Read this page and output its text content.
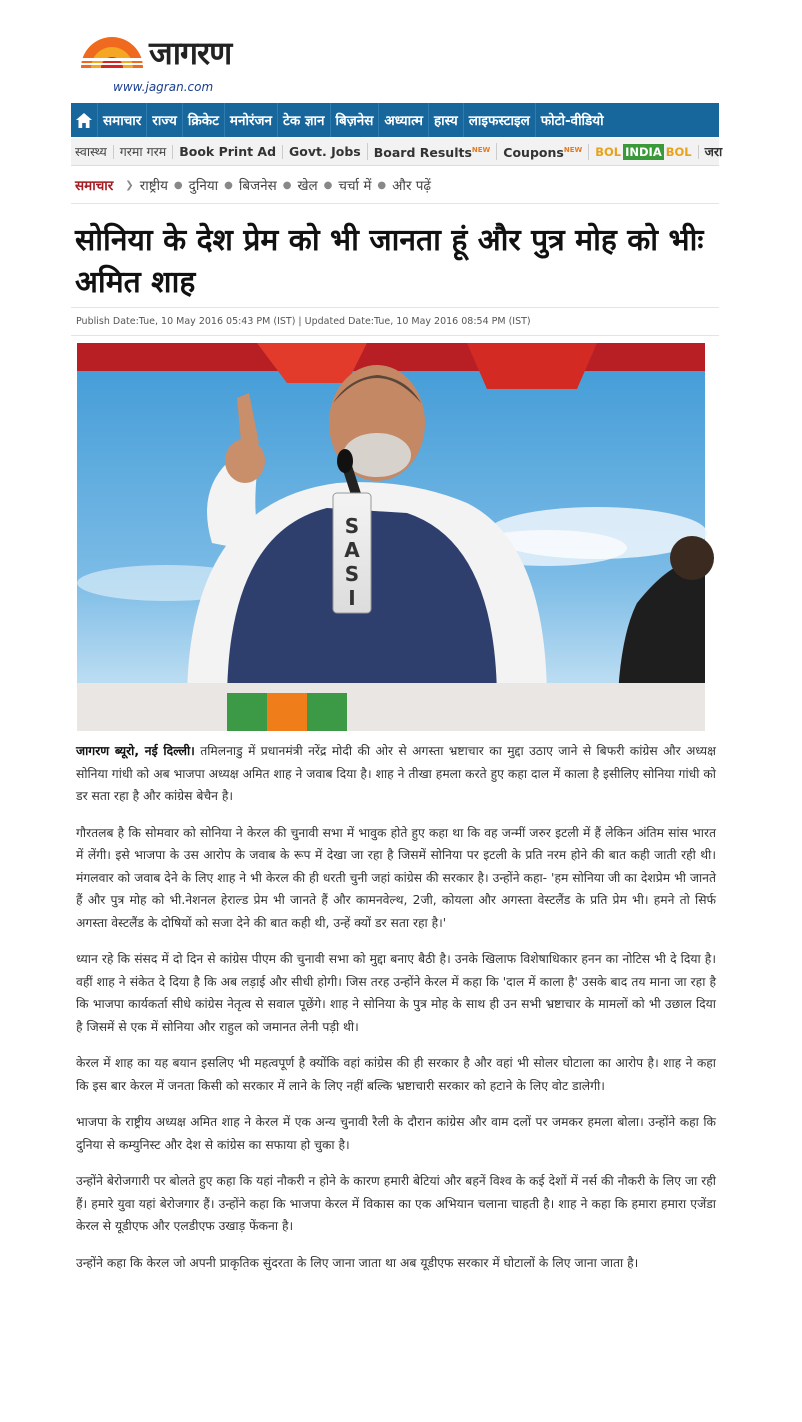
जागरण
www.jagran.com
समाचार राज्य क्रिकेट मनोरंजन टेक ज्ञान बिज़नेस अध्यात्म हास्य लाइफस्टाइल फोटो-वीडियो
स्वास्थ्य	गरमा गरम	Book Print Ad	Govt. Jobs	Board Results$^{NEW}$	Coupons$^{NEW}$	BOL INDIA BOL	जरा
समाचार ❯ राष्ट्रीय ● दुनिया ● बिजनेस ● खेल ● चर्चा में ● और पढ़ें
सोनिया के देश प्रेम को भी जानता हूं और पुत्र मोह को भीः अमित शाह
Publish Date:Tue, 10 May 2016 05:43 PM (IST) | Updated Date:Tue, 10 May 2016 08:54 PM (IST)
S
A
S
I

जागरण ब्यूरो, नई दिल्ली। तमिलनाडु में प्रधानमंत्री नरेंद्र मोदी की ओर से अगस्ता भ्रष्टाचार का मुद्दा उठाए जाने से बिफरी कांग्रेस और अध्यक्ष सोनिया गांधी को अब भाजपा अध्यक्ष अमित शाह ने जवाब दिया है। शाह ने तीखा हमला करते हुए कहा दाल में काला है इसीलिए सोनिया गांधी को डर सता रहा है और कांग्रेस बेचैन है।

गौरतलब है कि सोमवार को सोनिया ने केरल की चुनावी सभा में भावुक होते हुए कहा था कि वह जन्मीं जरुर इटली में हैं लेकिन अंतिम सांस भारत में लेंगी। इसे भाजपा के उस आरोप के जवाब के रूप में देखा जा रहा है जिसमें सोनिया पर इटली के प्रति नरम होने की बात कही जाती रही थी। मंगलवार को जवाब देने के लिए शाह ने भी केरल की ही धरती चुनी जहां कांग्रेस की सरकार है। उन्होंने कहा- 'हम सोनिया जी का देशप्रेम भी जानते हैं और पुत्र मोह को भी.नेशनल हेराल्ड प्रेम भी जानते हैं और कामनवेल्थ, 2जी, कोयला और अगस्ता वेस्टलैंड के प्रति प्रेम भी। हमने तो सिर्फ अगस्ता वेस्टलैंड के दोषियों को सजा देने की बात कही थी, उन्हें क्यों डर सता रहा है।'

ध्यान रहे कि संसद में दो दिन से कांग्रेस पीएम की चुनावी सभा को मुद्दा बनाए बैठी है। उनके खिलाफ विशेषाधिकार हनन का नोटिस भी दे दिया है। वहीं शाह ने संकेत दे दिया है कि अब लड़ाई और सीधी होगी। जिस तरह उन्होंने केरल में कहा कि 'दाल में काला है' उसके बाद तय माना जा रहा है कि भाजपा कार्यकर्ता सीधे कांग्रेस नेतृत्व से सवाल पूछेंगे। शाह ने सोनिया के पुत्र मोह के साथ ही उन सभी भ्रष्टाचार के मामलों को भी उछाल दिया है जिसमें से एक में सोनिया और राहुल को जमानत लेनी पड़ी थी।

केरल में शाह का यह बयान इसलिए भी महत्वपूर्ण है क्योंकि वहां कांग्रेस की ही सरकार है और वहां भी सोलर घोटाला का आरोप है। शाह ने कहा कि इस बार केरल में जनता किसी को सरकार में लाने के लिए नहीं बल्कि भ्रष्टाचारी सरकार को हटाने के लिए वोट डालेगी।

भाजपा के राष्ट्रीय अध्यक्ष अमित शाह ने केरल में एक अन्य चुनावी रैली के दौरान कांग्रेस और वाम दलों पर जमकर हमला बोला। उन्होंने कहा कि दुनिया से कम्युनिस्ट और देश से कांग्रेस का सफाया हो चुका है।

उन्होंने बेरोजगारी पर बोलते हुए कहा कि यहां नौकरी न होने के कारण हमारी बेटियां और बहनें विश्व के कई देशों में नर्स की नौकरी के लिए जा रही हैं। हमारे युवा यहां बेरोजगार हैं। उन्होंने कहा कि भाजपा केरल में विकास का एक अभियान चलाना चाहती है। शाह ने कहा कि हमारा हमारा एजेंडा केरल से यूडीएफ और एलडीएफ उखाड़ फेंकना है।

उन्होंने कहा कि केरल जो अपनी प्राकृतिक सुंदरता के लिए जाना जाता था अब यूडीएफ सरकार में घोटालों के लिए जाना जाता है।
